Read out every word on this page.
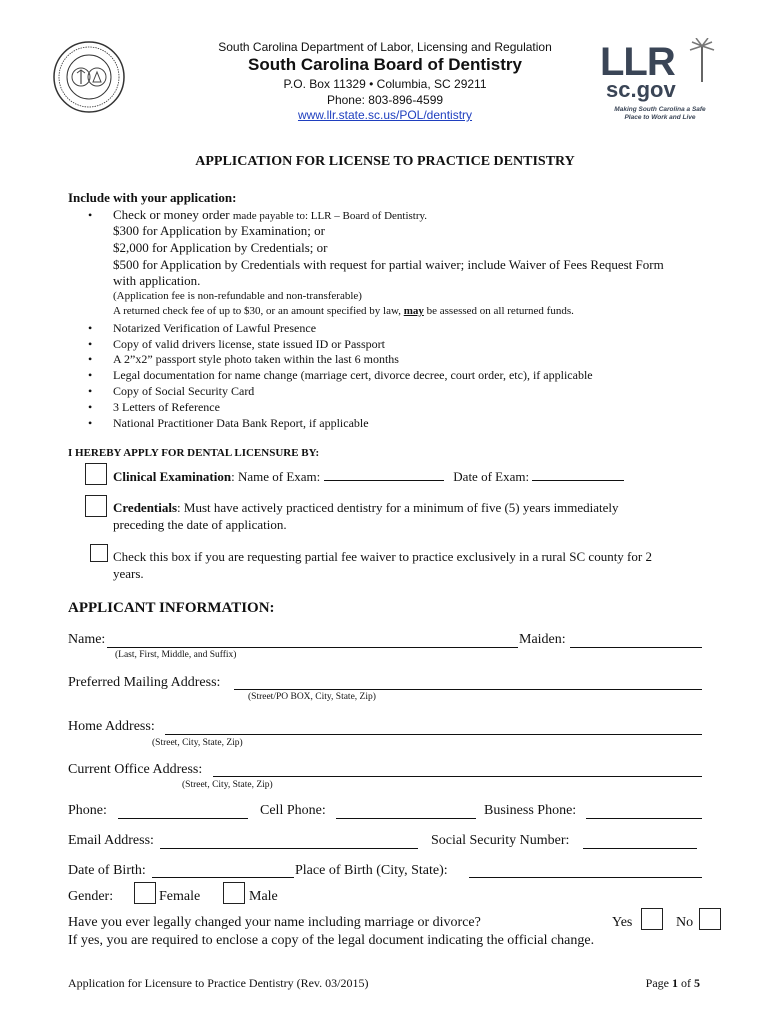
South Carolina Department of Labor, Licensing and Regulation
South Carolina Board of Dentistry
P.O. Box 11329 • Columbia, SC 29211
Phone: 803-896-4599
www.llr.state.sc.us/POL/dentistry
LLR
sc.gov
Making South Carolina a Safe
Place to Work and Live
APPLICATION FOR LICENSE TO PRACTICE DENTISTRY
Include with your application:
• Check or money order made payable to: LLR – Board of Dentistry.
$300 for Application by Examination; or
$2,000 for Application by Credentials; or
$500 for Application by Credentials with request for partial waiver; include Waiver of Fees Request Form
with application.
(Application fee is non-refundable and non-transferable)
A returned check fee of up to $30, or an amount specified by law, may be assessed on all returned funds.
• Notarized Verification of Lawful Presence
• Copy of valid drivers license, state issued ID or Passport
• A 2”x2” passport style photo taken within the last 6 months
• Legal documentation for name change (marriage cert, divorce decree, court order, etc), if applicable
• Copy of Social Security Card
• 3 Letters of Reference
• National Practitioner Data Bank Report, if applicable
I HEREBY APPLY FOR DENTAL LICENSURE BY:
Clinical Examination: Name of Exam:	Date of Exam:
Credentials: Must have actively practiced dentistry for a minimum of five (5) years immediately
preceding the date of application.
Check this box if you are requesting partial fee waiver to practice exclusively in a rural SC county for 2
years.
APPLICANT INFORMATION:
Name:	Maiden:
(Last, First, Middle, and Suffix)
Preferred Mailing Address:
(Street/PO BOX, City, State, Zip)
Home Address:
(Street, City, State, Zip)
Current Office Address:
(Street, City, State, Zip)
Phone:	Cell Phone:	Business Phone:
Email Address:	Social Security Number:
Date of Birth:	Place of Birth (City, State):
Gender:	Female	Male
Have you ever legally changed your name including marriage or divorce?	Yes	No
If yes, you are required to enclose a copy of the legal document indicating the official change.
Application for Licensure to Practice Dentistry (Rev. 03/2015)	Page 1 of 5
